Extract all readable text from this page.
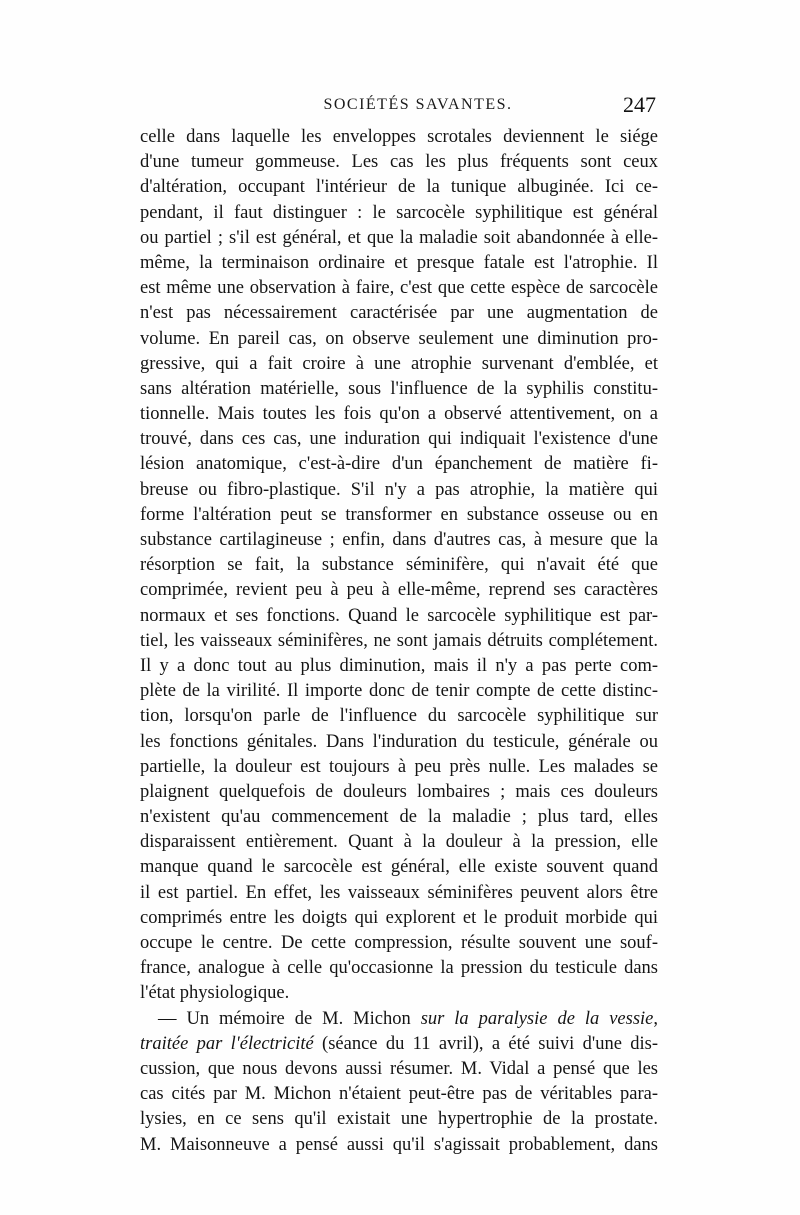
SOCIÉTÉS SAVANTES.	247
celle dans laquelle les enveloppes scrotales deviennent le siége
d'une tumeur gommeuse. Les cas les plus fréquents sont ceux
d'altération, occupant l'intérieur de la tunique albuginée. Ici ce-
pendant, il faut distinguer : le sarcocèle syphilitique est général
ou partiel ; s'il est général, et que la maladie soit abandonnée à elle-
même, la terminaison ordinaire et presque fatale est l'atrophie. Il
est même une observation à faire, c'est que cette espèce de sarcocèle
n'est pas nécessairement caractérisée par une augmentation de
volume. En pareil cas, on observe seulement une diminution pro-
gressive, qui a fait croire à une atrophie survenant d'emblée, et
sans altération matérielle, sous l'influence de la syphilis constitu-
tionnelle. Mais toutes les fois qu'on a observé attentivement, on a
trouvé, dans ces cas, une induration qui indiquait l'existence d'une
lésion anatomique, c'est-à-dire d'un épanchement de matière fi-
breuse ou fibro-plastique. S'il n'y a pas atrophie, la matière qui
forme l'altération peut se transformer en substance osseuse ou en
substance cartilagineuse ; enfin, dans d'autres cas, à mesure que la
résorption se fait, la substance séminifère, qui n'avait été que
comprimée, revient peu à peu à elle-même, reprend ses caractères
normaux et ses fonctions. Quand le sarcocèle syphilitique est par-
tiel, les vaisseaux séminifères, ne sont jamais détruits complétement.
Il y a donc tout au plus diminution, mais il n'y a pas perte com-
plète de la virilité. Il importe donc de tenir compte de cette distinc-
tion, lorsqu'on parle de l'influence du sarcocèle syphilitique sur
les fonctions génitales. Dans l'induration du testicule, générale ou
partielle, la douleur est toujours à peu près nulle. Les malades se
plaignent quelquefois de douleurs lombaires ; mais ces douleurs
n'existent qu'au commencement de la maladie ; plus tard, elles
disparaissent entièrement. Quant à la douleur à la pression, elle
manque quand le sarcocèle est général, elle existe souvent quand
il est partiel. En effet, les vaisseaux séminifères peuvent alors être
comprimés entre les doigts qui explorent et le produit morbide qui
occupe le centre. De cette compression, résulte souvent une souf-
france, analogue à celle qu'occasionne la pression du testicule dans
l'état physiologique.
— Un mémoire de M. Michon sur la paralysie de la vessie,
traitée par l'électricité (séance du 11 avril), a été suivi d'une dis-
cussion, que nous devons aussi résumer. M. Vidal a pensé que les
cas cités par M. Michon n'étaient peut-être pas de véritables para-
lysies, en ce sens qu'il existait une hypertrophie de la prostate.
M. Maisonneuve a pensé aussi qu'il s'agissait probablement, dans
